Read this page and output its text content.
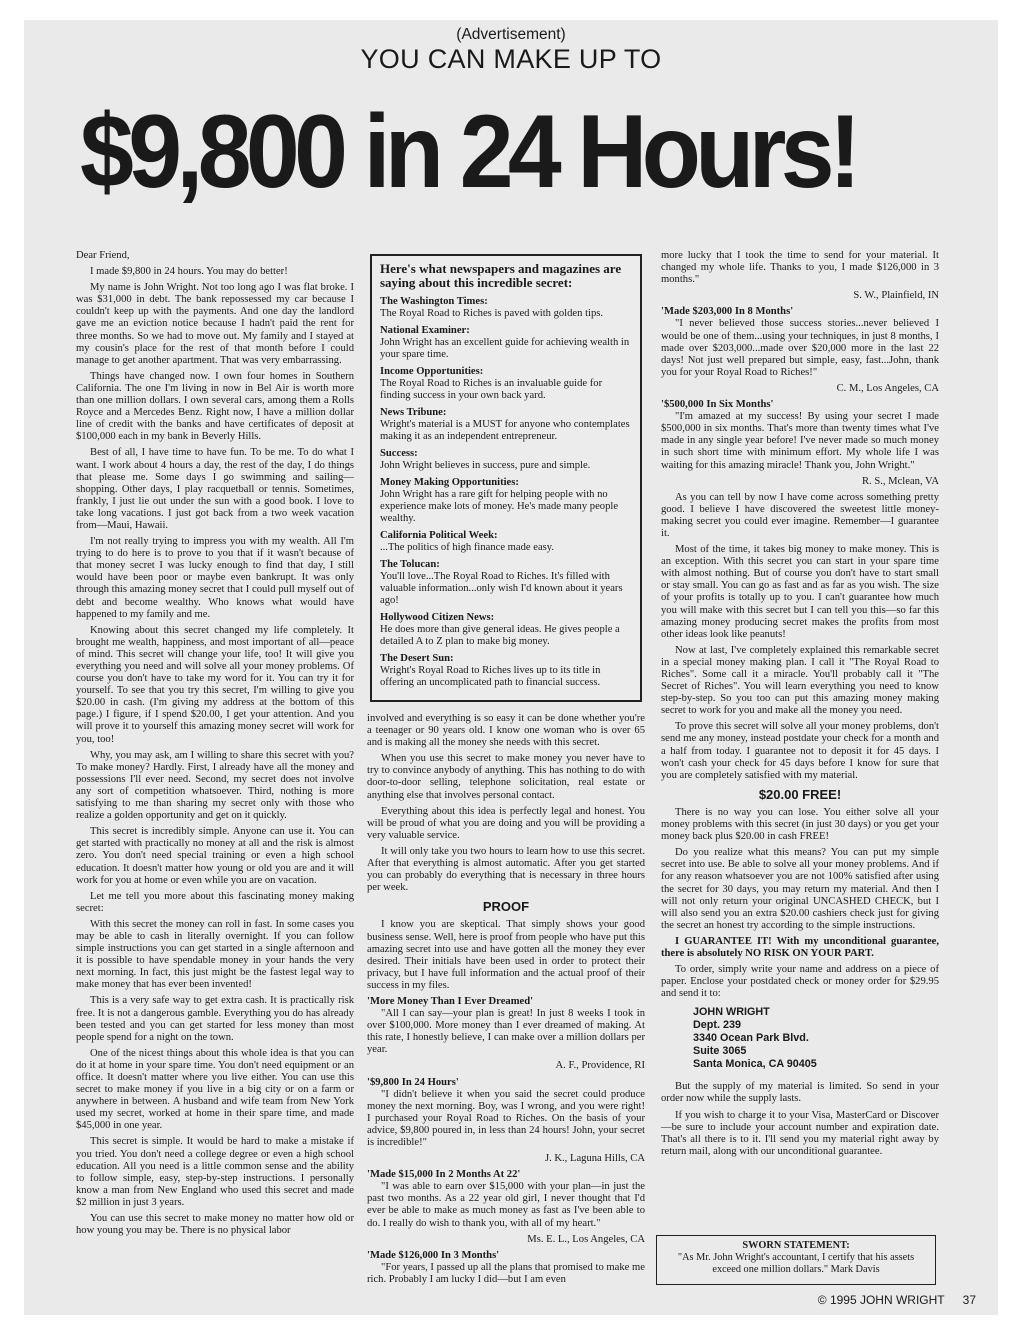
(Advertisement)
YOU CAN MAKE UP TO
$9,800 in 24 Hours!

Dear Friend,

I made $9,800 in 24 hours. You may do better!

My name is John Wright. Not too long ago I was flat broke. I was $31,000 in debt. The bank repossessed my car because I couldn't keep up with the payments. And one day the landlord gave me an eviction notice because I hadn't paid the rent for three months. So we had to move out. My family and I stayed at my cousin's place for the rest of that month before I could manage to get another apartment. That was very embarrassing.

Things have changed now. I own four homes in Southern California. The one I'm living in now in Bel Air is worth more than one million dollars. I own several cars, among them a Rolls Royce and a Mercedes Benz. Right now, I have a million dollar line of credit with the banks and have certificates of deposit at $100,000 each in my bank in Beverly Hills.

Best of all, I have time to have fun. To be me. To do what I want. I work about 4 hours a day, the rest of the day, I do things that please me. Some days I go swimming and sailing—shopping. Other days, I play racquetball or tennis. Sometimes, frankly, I just lie out under the sun with a good book. I love to take long vacations. I just got back from a two week vacation from—Maui, Hawaii.

I'm not really trying to impress you with my wealth. All I'm trying to do here is to prove to you that if it wasn't because of that money secret I was lucky enough to find that day, I still would have been poor or maybe even bankrupt. It was only through this amazing money secret that I could pull myself out of debt and become wealthy. Who knows what would have happened to my family and me.

Knowing about this secret changed my life completely. It brought me wealth, happiness, and most important of all—peace of mind. This secret will change your life, too! It will give you everything you need and will solve all your money problems. Of course you don't have to take my word for it. You can try it for yourself. To see that you try this secret, I'm willing to give you $20.00 in cash. (I'm giving my address at the bottom of this page.) I figure, if I spend $20.00, I get your attention. And you will prove it to yourself this amazing money secret will work for you, too!

Why, you may ask, am I willing to share this secret with you? To make money? Hardly. First, I already have all the money and possessions I'll ever need. Second, my secret does not involve any sort of competition whatsoever. Third, nothing is more satisfying to me than sharing my secret only with those who realize a golden opportunity and get on it quickly.

This secret is incredibly simple. Anyone can use it. You can get started with practically no money at all and the risk is almost zero. You don't need special training or even a high school education. It doesn't matter how young or old you are and it will work for you at home or even while you are on vacation.

Let me tell you more about this fascinating money making secret:

With this secret the money can roll in fast. In some cases you may be able to cash in literally overnight. If you can follow simple instructions you can get started in a single afternoon and it is possible to have spendable money in your hands the very next morning. In fact, this just might be the fastest legal way to make money that has ever been invented!

This is a very safe way to get extra cash. It is practically risk free. It is not a dangerous gamble. Everything you do has already been tested and you can get started for less money than most people spend for a night on the town.

One of the nicest things about this whole idea is that you can do it at home in your spare time. You don't need equipment or an office. It doesn't matter where you live either. You can use this secret to make money if you live in a big city or on a farm or anywhere in between. A husband and wife team from New York used my secret, worked at home in their spare time, and made $45,000 in one year.

This secret is simple. It would be hard to make a mistake if you tried. You don't need a college degree or even a high school education. All you need is a little common sense and the ability to follow simple, easy, step-by-step instructions. I personally know a man from New England who used this secret and made $2 million in just 3 years.

You can use this secret to make money no matter how old or how young you may be. There is no physical labor

Here's what newspapers and magazines are saying about this incredible secret:
The Washington Times:
The Royal Road to Riches is paved with golden tips.
National Examiner:
John Wright has an excellent guide for achieving wealth in your spare time.
Income Opportunities:
The Royal Road to Riches is an invaluable guide for finding success in your own back yard.
News Tribune:
Wright's material is a MUST for anyone who contemplates making it as an independent entrepreneur.
Success:
John Wright believes in success, pure and simple.
Money Making Opportunities:
John Wright has a rare gift for helping people with no experience make lots of money. He's made many people wealthy.
California Political Week:
...The politics of high finance made easy.
The Tolucan:
You'll love...The Royal Road to Riches. It's filled with valuable information...only wish I'd known about it years ago!
Hollywood Citizen News:
He does more than give general ideas. He gives people a detailed A to Z plan to make big money.
The Desert Sun:
Wright's Royal Road to Riches lives up to its title in offering an uncomplicated path to financial success.

involved and everything is so easy it can be done whether you're a teenager or 90 years old. I know one woman who is over 65 and is making all the money she needs with this secret.

When you use this secret to make money you never have to try to convince anybody of anything. This has nothing to do with door-to-door selling, telephone solicitation, real estate or anything else that involves personal contact.

Everything about this idea is perfectly legal and honest. You will be proud of what you are doing and you will be providing a very valuable service.

It will only take you two hours to learn how to use this secret. After that everything is almost automatic. After you get started you can probably do everything that is necessary in three hours per week.

PROOF

I know you are skeptical. That simply shows your good business sense. Well, here is proof from people who have put this amazing secret into use and have gotten all the money they ever desired. Their initials have been used in order to protect their privacy, but I have full information and the actual proof of their success in my files.

'More Money Than I Ever Dreamed'

"All I can say—your plan is great! In just 8 weeks I took in over $100,000. More money than I ever dreamed of making. At this rate, I honestly believe, I can make over a million dollars per year.

A. F., Providence, RI
'$9,800 In 24 Hours'

"I didn't believe it when you said the secret could produce money the next morning. Boy, was I wrong, and you were right! I purchased your Royal Road to Riches. On the basis of your advice, $9,800 poured in, in less than 24 hours! John, your secret is incredible!"

J. K., Laguna Hills, CA
'Made $15,000 In 2 Months At 22'

"I was able to earn over $15,000 with your plan—in just the past two months. As a 22 year old girl, I never thought that I'd ever be able to make as much money as fast as I've been able to do. I really do wish to thank you, with all of my heart."

Ms. E. L., Los Angeles, CA
'Made $126,000 In 3 Months'

"For years, I passed up all the plans that promised to make me rich. Probably I am lucky I did—but I am even

more lucky that I took the time to send for your material. It changed my whole life. Thanks to you, I made $126,000 in 3 months."

S. W., Plainfield, IN
'Made $203,000 In 8 Months'

"I never believed those success stories...never believed I would be one of them...using your techniques, in just 8 months, I made over $203,000...made over $20,000 more in the last 22 days! Not just well prepared but simple, easy, fast...John, thank you for your Royal Road to Riches!"

C. M., Los Angeles, CA
'$500,000 In Six Months'

"I'm amazed at my success! By using your secret I made $500,000 in six months. That's more than twenty times what I've made in any single year before! I've never made so much money in such short time with minimum effort. My whole life I was waiting for this amazing miracle! Thank you, John Wright."

R. S., Mclean, VA

As you can tell by now I have come across something pretty good. I believe I have discovered the sweetest little money-making secret you could ever imagine. Remember—I guarantee it.

Most of the time, it takes big money to make money. This is an exception. With this secret you can start in your spare time with almost nothing. But of course you don't have to start small or stay small. You can go as fast and as far as you wish. The size of your profits is totally up to you. I can't guarantee how much you will make with this secret but I can tell you this—so far this amazing money producing secret makes the profits from most other ideas look like peanuts!

Now at last, I've completely explained this remarkable secret in a special money making plan. I call it "The Royal Road to Riches". Some call it a miracle. You'll probably call it "The Secret of Riches". You will learn everything you need to know step-by-step. So you too can put this amazing money making secret to work for you and make all the money you need.

To prove this secret will solve all your money problems, don't send me any money, instead postdate your check for a month and a half from today. I guarantee not to deposit it for 45 days. I won't cash your check for 45 days before I know for sure that you are completely satisfied with my material.

$20.00 FREE!

There is no way you can lose. You either solve all your money problems with this secret (in just 30 days) or you get your money back plus $20.00 in cash FREE!

Do you realize what this means? You can put my simple secret into use. Be able to solve all your money problems. And if for any reason whatsoever you are not 100% satisfied after using the secret for 30 days, you may return my material. And then I will not only return your original UNCASHED CHECK, but I will also send you an extra $20.00 cashiers check just for giving the secret an honest try according to the simple instructions.

I GUARANTEE IT! With my unconditional guarantee, there is absolutely NO RISK ON YOUR PART.

To order, simply write your name and address on a piece of paper. Enclose your postdated check or money order for $29.95 and send it to:

JOHN WRIGHT
Dept. 239
3340 Ocean Park Blvd.
Suite 3065
Santa Monica, CA 90405

But the supply of my material is limited. So send in your order now while the supply lasts.

If you wish to charge it to your Visa, MasterCard or Discover—be sure to include your account number and expiration date. That's all there is to it. I'll send you my material right away by return mail, along with our unconditional guarantee.

SWORN STATEMENT:
"As Mr. John Wright's accountant, I certify that his assets exceed one million dollars." Mark Davis
© 1995 JOHN WRIGHT 37
